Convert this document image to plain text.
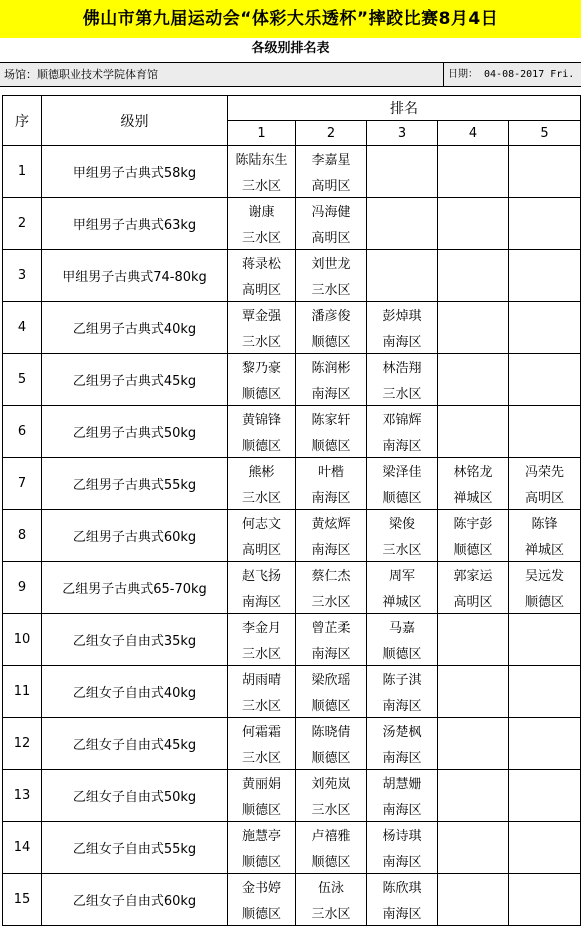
佛山市第九届运动会“体彩大乐透杯”摔跤比赛8月4日
各级别排名表
场馆：顺德职业技术学院体育馆	日期： 04-08-2017 Fri.
序	级别	排名				
		1	2	3	4	5
1	甲组男子古典式58kg	陈陆东生	李嘉星			
		三水区	高明区			
2	甲组男子古典式63kg	谢康	冯海健			
		三水区	高明区			
3	甲组男子古典式74-80kg	蒋录松	刘世龙			
		高明区	三水区			
4	乙组男子古典式40kg	覃金强	潘彦俊	彭焯琪		
		三水区	顺德区	南海区		
5	乙组男子古典式45kg	黎乃豪	陈润彬	林浩翔		
		顺德区	南海区	三水区		
6	乙组男子古典式50kg	黄锦锋	陈家轩	邓锦辉		
		顺德区	顺德区	南海区		
7	乙组男子古典式55kg	熊彬	叶楷	梁泽佳	林铭龙	冯荣先
		三水区	南海区	顺德区	禅城区	高明区
8	乙组男子古典式60kg	何志文	黄炫辉	梁俊	陈宇彭	陈锋
		高明区	南海区	三水区	顺德区	禅城区
9	乙组男子古典式65-70kg	赵飞扬	蔡仁杰	周军	郭家运	吴远发
		南海区	三水区	禅城区	高明区	顺德区
10	乙组女子自由式35kg	李金月	曾芷柔	马嘉		
		三水区	南海区	顺德区		
11	乙组女子自由式40kg	胡雨晴	梁欣瑶	陈子淇		
		三水区	顺德区	南海区		
12	乙组女子自由式45kg	何霜霜	陈晓倩	汤楚枫		
		三水区	顺德区	南海区		
13	乙组女子自由式50kg	黄丽娟	刘苑岚	胡慧姗		
		顺德区	三水区	南海区		
14	乙组女子自由式55kg	施慧亭	卢禧雅	杨诗琪		
		顺德区	顺德区	南海区		
15	乙组女子自由式60kg	金书婷	伍泳	陈欣琪		
		顺德区	三水区	南海区		
